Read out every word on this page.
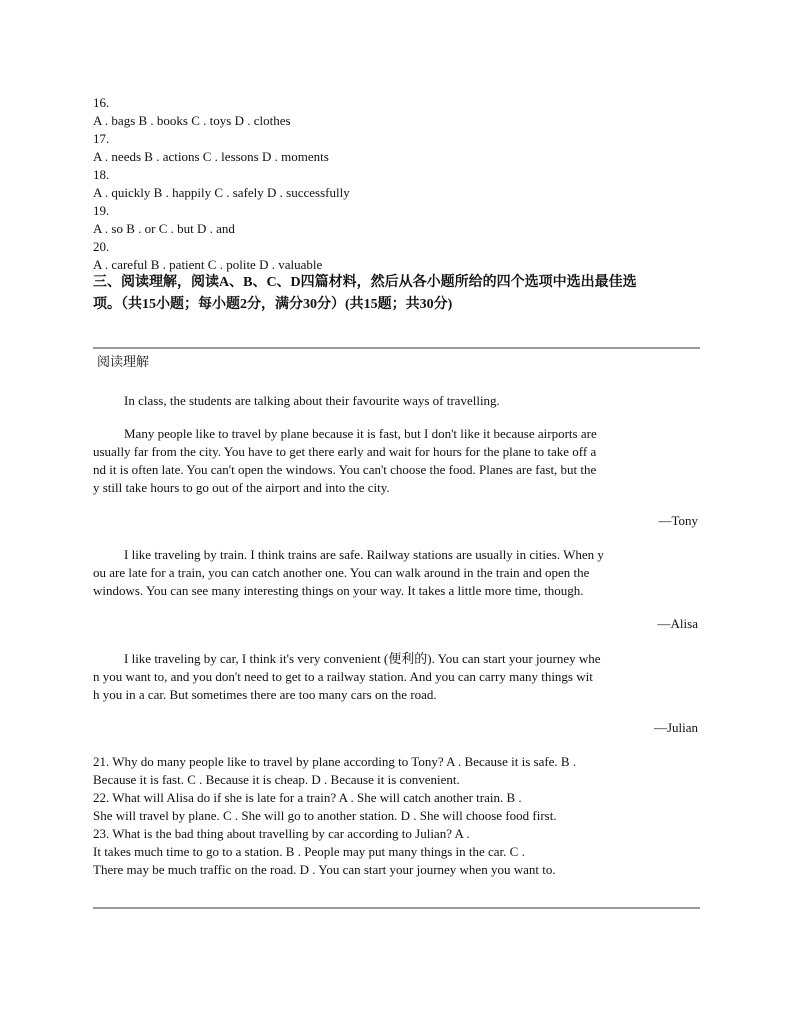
16.
A . bags B . books C . toys D . clothes
17.
A . needs B . actions C . lessons D . moments
18.
A . quickly B . happily C . safely D . successfully
19.
A . so B . or C . but D . and
20.
A . careful B . patient C . polite D . valuable
三、阅读理解，阅读A、B、C、D四篇材料，然后从各小题所给的四个选项中选出最佳选
项。（共15小题；每小题2分，满分30分）(共15题；共30分)
阅读理解
In class, the students are talking about their favourite ways of travelling.
Many people like to travel by plane because it is fast, but I don't like it because airports are
usually far from the city. You have to get there early and wait for hours for the plane to take off a
nd it is often late. You can't open the windows. You can't choose the food. Planes are fast, but the
y still take hours to go out of the airport and into the city.
—Tony
I like traveling by train. I think trains are safe. Railway stations are usually in cities. When y
ou are late for a train, you can catch another one. You can walk around in the train and open the
windows. You can see many interesting things on your way. It takes a little more time, though.
—Alisa
I like traveling by car, I think it's very convenient (便利的). You can start your journey whe
n you want to, and you don't need to get to a railway station. And you can carry many things wit
h you in a car. But sometimes there are too many cars on the road.
—Julian
21. Why do many people like to travel by plane according to Tony? A . Because it is safe. B .
Because it is fast. C . Because it is cheap. D . Because it is convenient.
22. What will Alisa do if she is late for a train? A . She will catch another train. B .
She will travel by plane. C . She will go to another station. D . She will choose food first.
23. What is the bad thing about travelling by car according to Julian? A .
It takes much time to go to a station. B . People may put many things in the car. C .
There may be much traffic on the road. D . You can start your journey when you want to.
